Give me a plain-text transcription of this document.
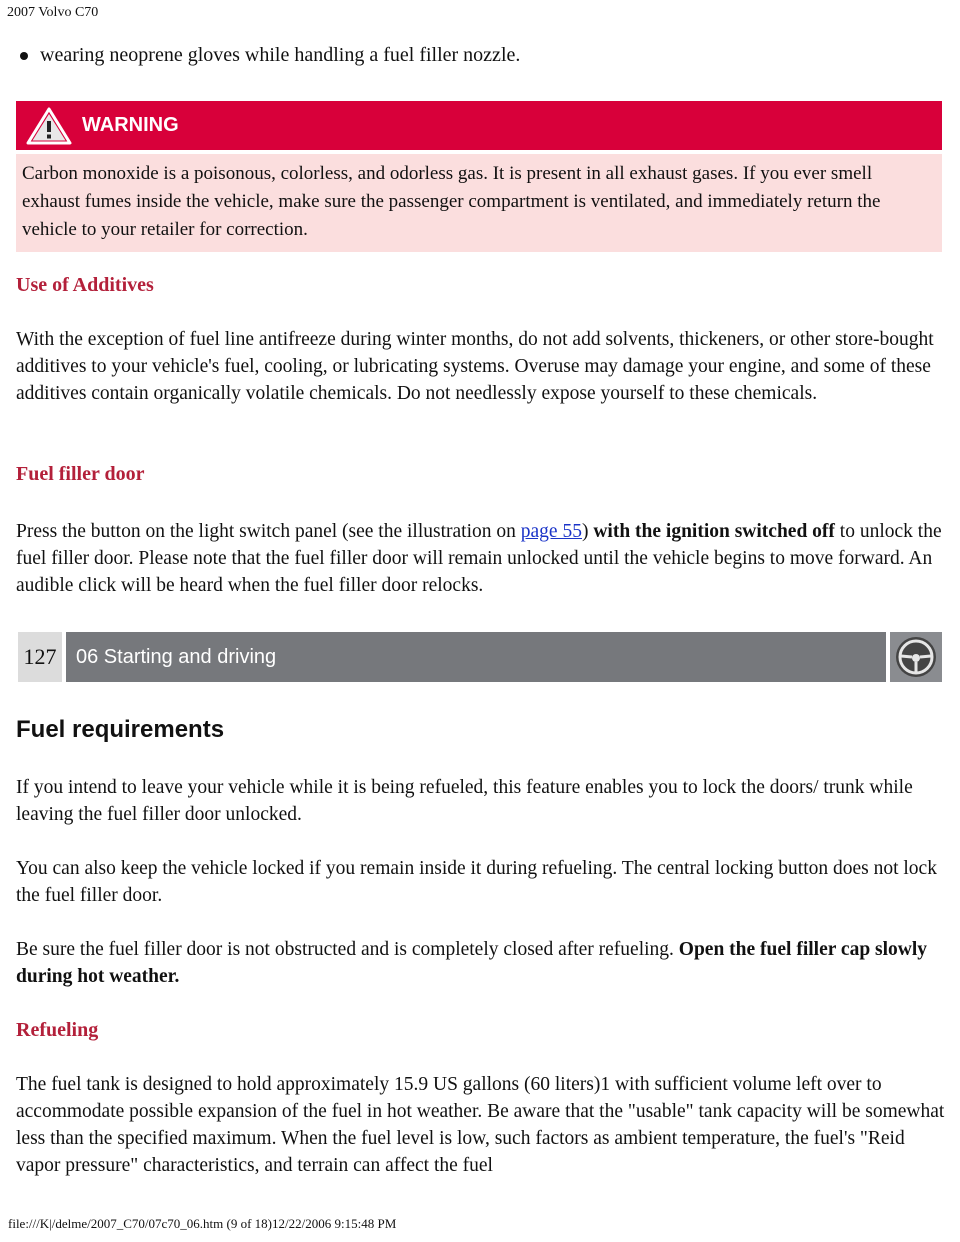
2007 Volvo C70
wearing neoprene gloves while handling a fuel filler nozzle.
WARNING
Carbon monoxide is a poisonous, colorless, and odorless gas. It is present in all exhaust gases. If you ever smell exhaust fumes inside the vehicle, make sure the passenger compartment is ventilated, and immediately return the vehicle to your retailer for correction.
Use of Additives
With the exception of fuel line antifreeze during winter months, do not add solvents, thickeners, or other store-bought additives to your vehicle's fuel, cooling, or lubricating systems. Overuse may damage your engine, and some of these additives contain organically volatile chemicals. Do not needlessly expose yourself to these chemicals.
Fuel filler door
Press the button on the light switch panel (see the illustration on page 55) with the ignition switched off to unlock the fuel filler door. Please note that the fuel filler door will remain unlocked until the vehicle begins to move forward. An audible click will be heard when the fuel filler door relocks.
127 06 Starting and driving
Fuel requirements
If you intend to leave your vehicle while it is being refueled, this feature enables you to lock the doors/ trunk while leaving the fuel filler door unlocked.
You can also keep the vehicle locked if you remain inside it during refueling. The central locking button does not lock the fuel filler door.
Be sure the fuel filler door is not obstructed and is completely closed after refueling. Open the fuel filler cap slowly during hot weather.
Refueling
The fuel tank is designed to hold approximately 15.9 US gallons (60 liters)1 with sufficient volume left over to accommodate possible expansion of the fuel in hot weather. Be aware that the "usable" tank capacity will be somewhat less than the specified maximum. When the fuel level is low, such factors as ambient temperature, the fuel's "Reid vapor pressure" characteristics, and terrain can affect the fuel
file:///K|/delme/2007_C70/07c70_06.htm (9 of 18)12/22/2006 9:15:48 PM
